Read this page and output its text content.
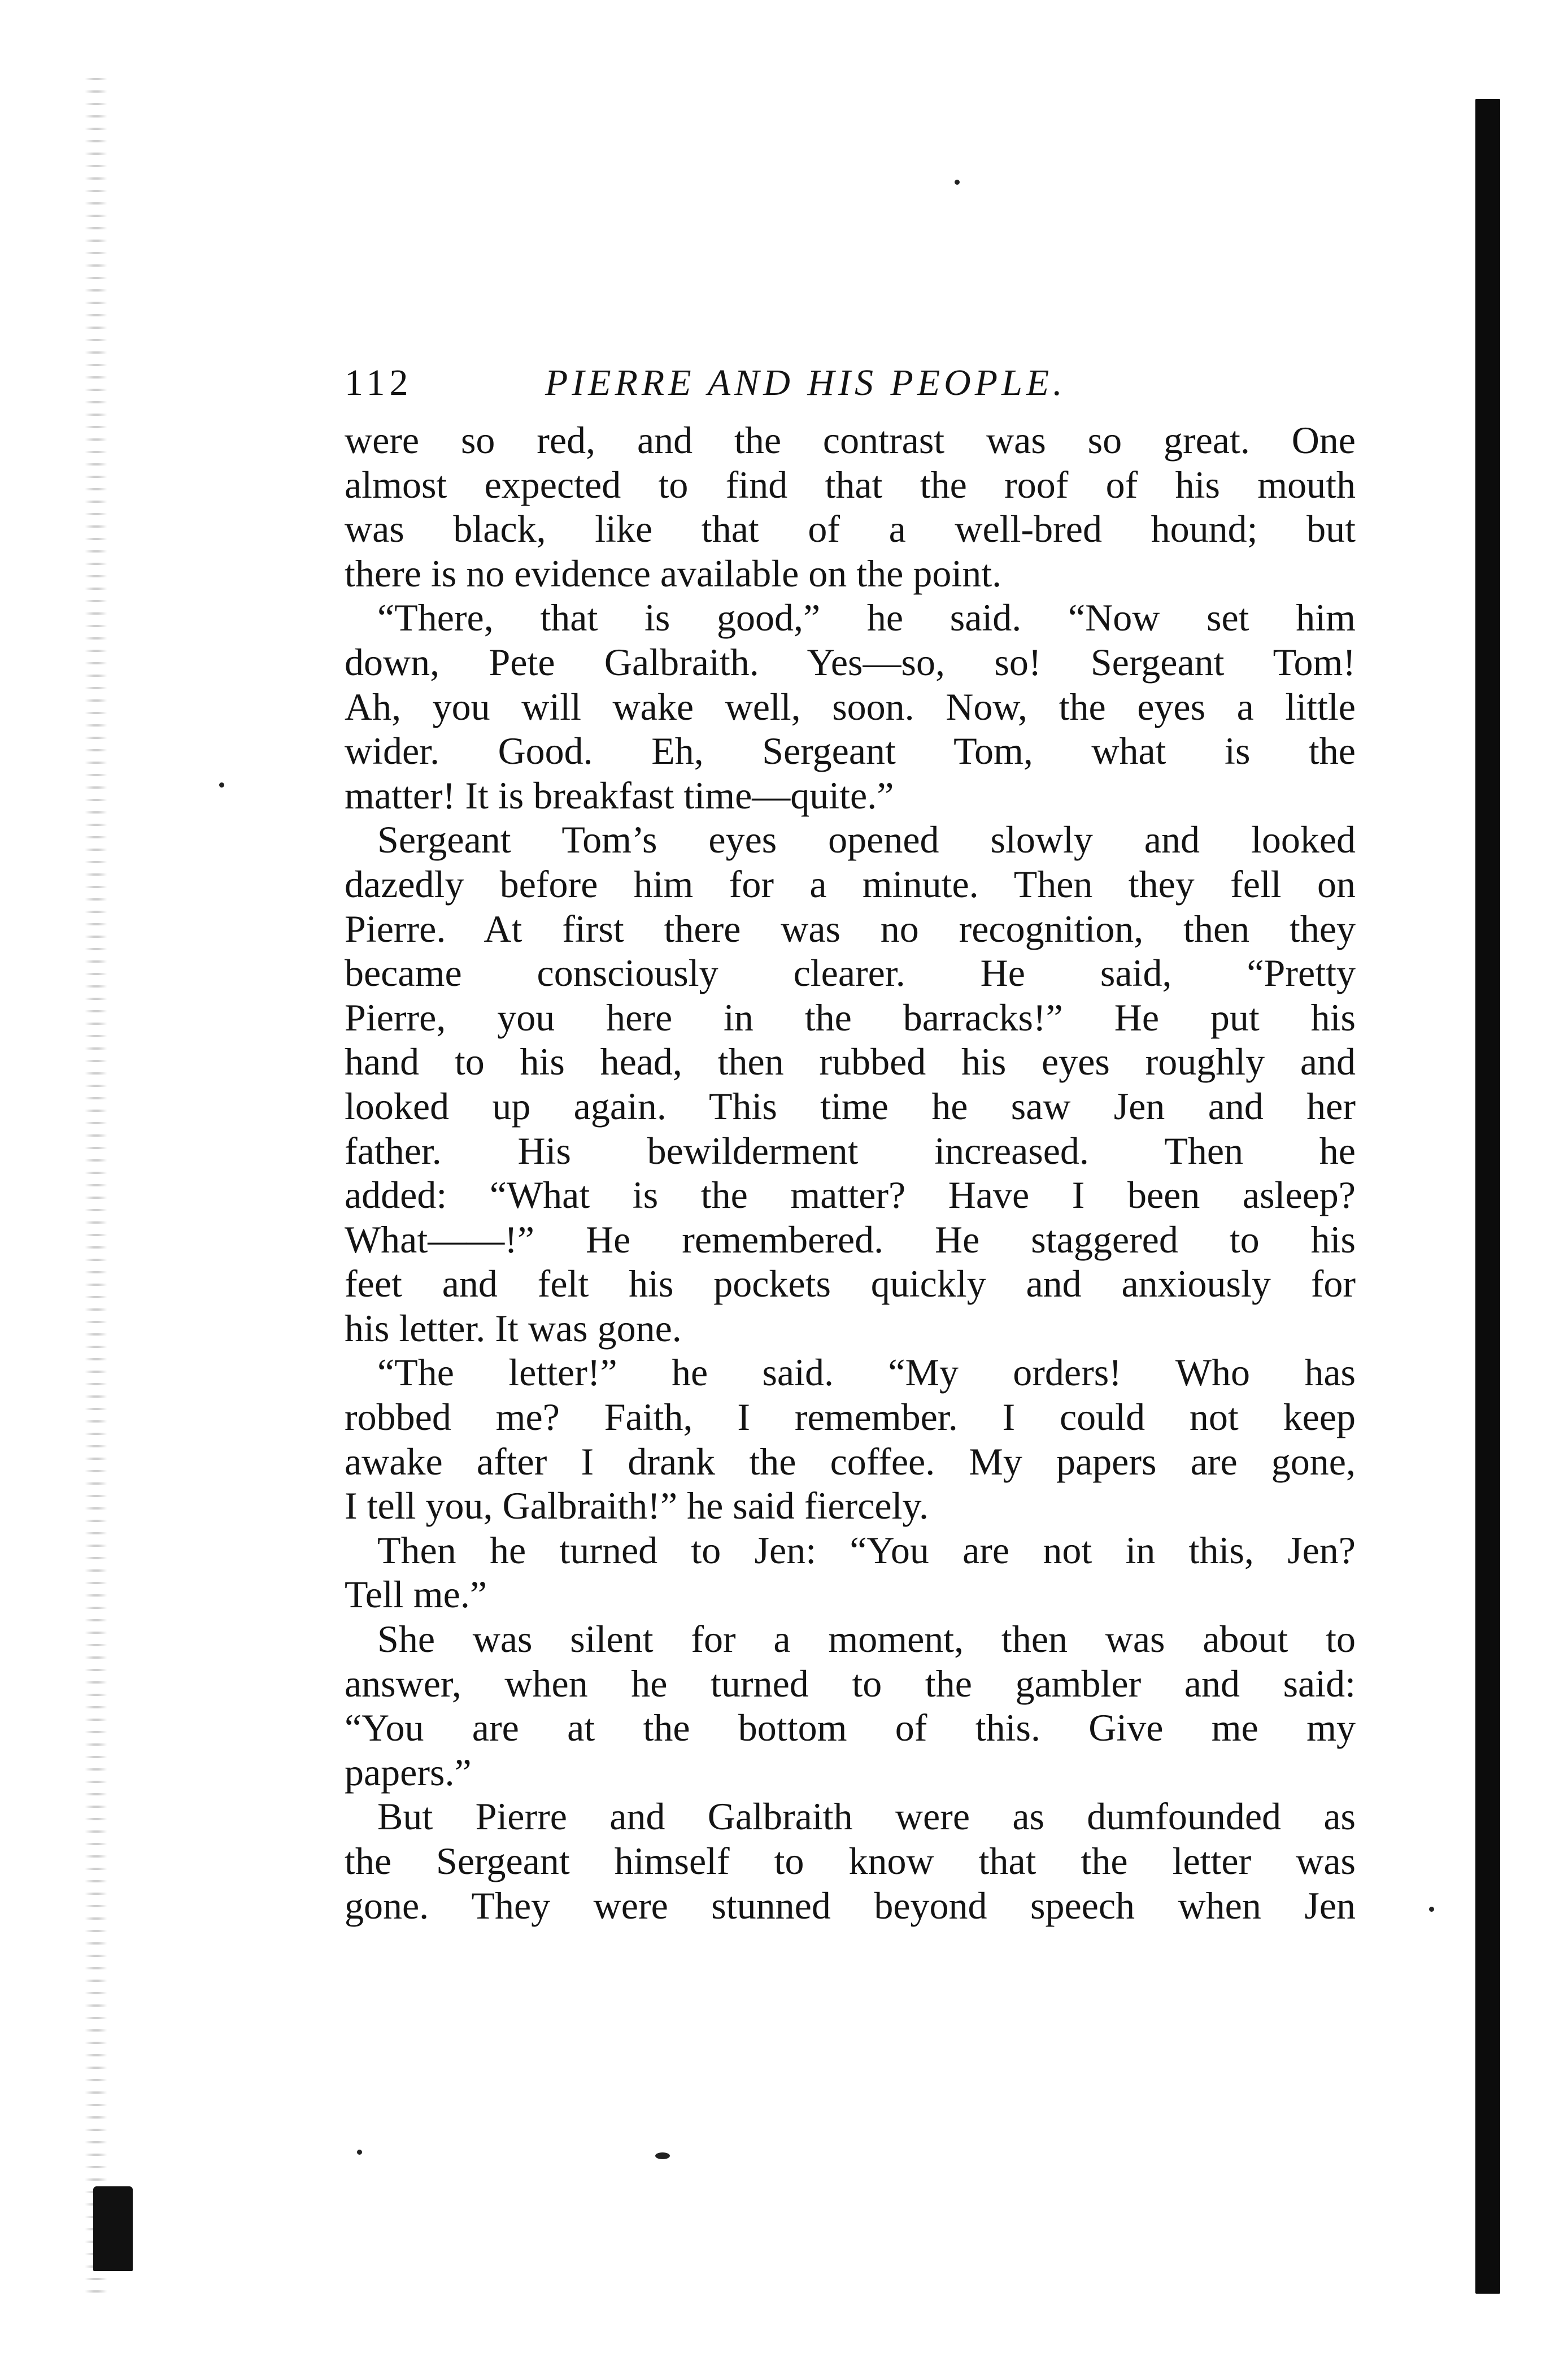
112	PIERRE AND HIS PEOPLE.
were so red, and the contrast was so great. One
almost expected to find that the roof of his mouth
was black, like that of a well-bred hound; but
there is no evidence available on the point.
“There, that is good,” he said. “Now set him
down, Pete Galbraith. Yes—so, so! Sergeant Tom!
Ah, you will wake well, soon. Now, the eyes a little
wider. Good. Eh, Sergeant Tom, what is the
matter! It is breakfast time—quite.”
Sergeant Tom’s eyes opened slowly and looked
dazedly before him for a minute. Then they fell on
Pierre. At first there was no recognition, then they
became consciously clearer. He said, “Pretty
Pierre, you here in the barracks!” He put his
hand to his head, then rubbed his eyes roughly and
looked up again. This time he saw Jen and her
father. His bewilderment increased. Then he
added: “What is the matter? Have I been asleep?
What——!” He remembered. He staggered to his
feet and felt his pockets quickly and anxiously for
his letter. It was gone.
“The letter!” he said. “My orders! Who has
robbed me? Faith, I remember. I could not keep
awake after I drank the coffee. My papers are gone,
I tell you, Galbraith!” he said fiercely.
Then he turned to Jen: “You are not in this, Jen?
Tell me.”
She was silent for a moment, then was about to
answer, when he turned to the gambler and said:
“You are at the bottom of this. Give me my
papers.”
But Pierre and Galbraith were as dumfounded as
the Sergeant himself to know that the letter was
gone. They were stunned beyond speech when Jen
